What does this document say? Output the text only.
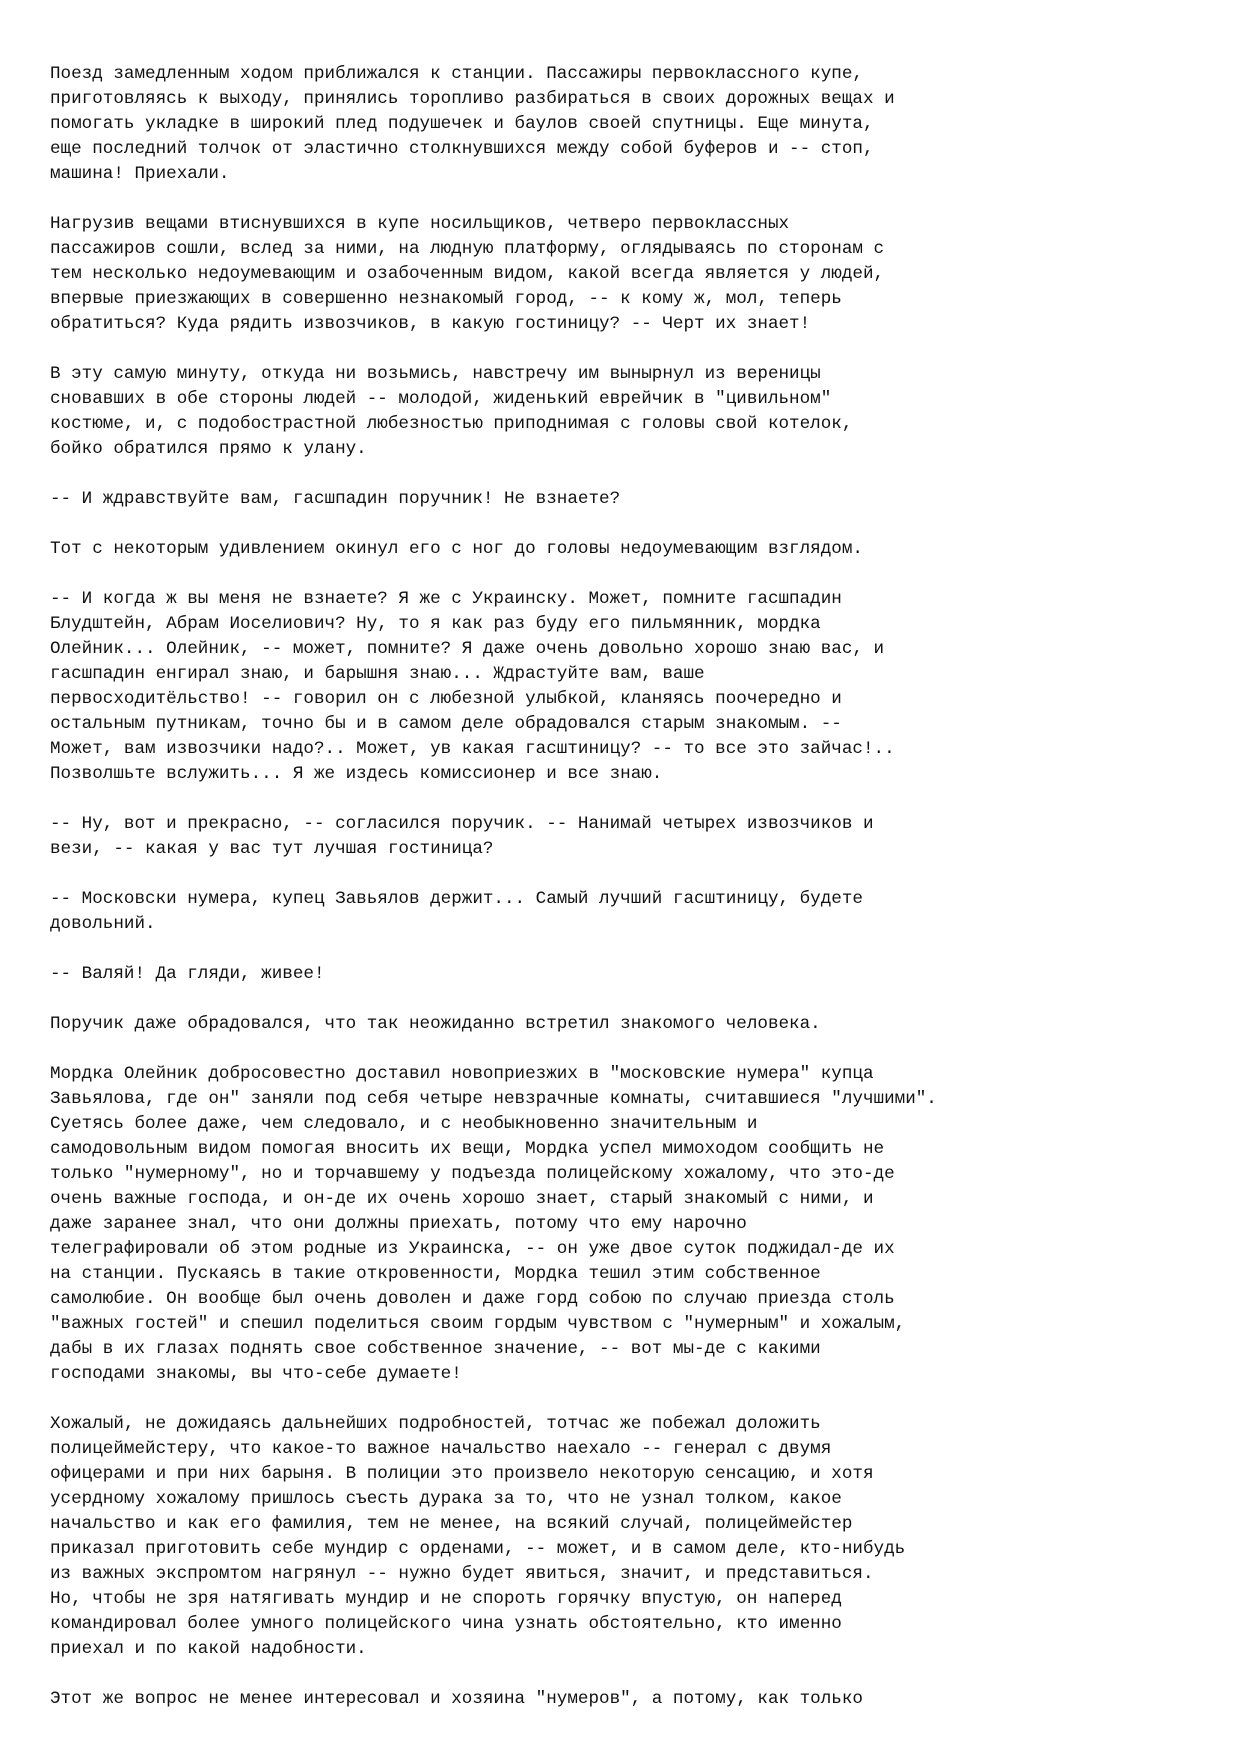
Поезд замедленным ходом приближался к станции. Пассажиры первоклассного купе,
приготовляясь к выходу, принялись торопливо разбираться в своих дорожных вещах и
помогать укладке в широкий плед подушечек и баулов своей спутницы. Еще минута,
еще последний толчок от эластично столкнувшихся между собой буферов и -- стоп,
машина! Приехали.
Нагрузив вещами втиснувшихся в купе носильщиков, четверо первоклассных
пассажиров сошли, вслед за ними, на людную платформу, оглядываясь по сторонам с
тем несколько недоумевающим и озабоченным видом, какой всегда является у людей,
впервые приезжающих в совершенно незнакомый город, -- к кому ж, мол, теперь
обратиться? Куда рядить извозчиков, в какую гостиницу? -- Черт их знает!
В эту самую минуту, откуда ни возьмись, навстречу им вынырнул из вереницы
сновавших в обе стороны людей -- молодой, жиденький еврейчик в "цивильном"
костюме, и, с подобострастной любезностью приподнимая с головы свой котелок,
бойко обратился прямо к улану.
-- И ждравствуйте вам, гасшпадин поручник! Не взнаете?
Тот с некоторым удивлением окинул его с ног до головы недоумевающим взглядом.
-- И когда ж вы меня не взнаете? Я же с Украинску. Может, помните гасшпадин
Блудштейн, Абрам Иоселиович? Ну, то я как раз буду его пильмянник, мордка
Олейник... Олейник, -- может, помните? Я даже очень довольно хорошо знаю вас, и
гасшпадин енгирал знаю, и барышня знаю... Ждрастуйте вам, ваше
первосходитёльство! -- говорил он с любезной улыбкой, кланяясь поочередно и
остальным путникам, точно бы и в самом деле обрадовался старым знакомым. --
Может, вам извозчики надо?.. Может, ув какая гасштиницу? -- то все это зайчас!..
Позволшьте вслужить... Я же издесь комиссионер и все знаю.
-- Ну, вот и прекрасно, -- согласился поручик. -- Нанимай четырех извозчиков и
вези, -- какая у вас тут лучшая гостиница?
-- Московски нумера, купец Завьялов держит... Самый лучший гасштиницу, будете
довольний.
-- Валяй! Да гляди, живее!
Поручик даже обрадовался, что так неожиданно встретил знакомого человека.
Мордка Олейник добросовестно доставил новоприезжих в "московские нумера" купца
Завьялова, где он" заняли под себя четыре невзрачные комнаты, считавшиеся "лучшими".
Суетясь более даже, чем следовало, и с необыкновенно значительным и
самодовольным видом помогая вносить их вещи, Мордка успел мимоходом сообщить не
только "нумерному", но и торчавшему у подъезда полицейскому хожалому, что это-де
очень важные господа, и он-де их очень хорошо знает, старый знакомый с ними, и
даже заранее знал, что они должны приехать, потому что ему нарочно
телеграфировали об этом родные из Украинска, -- он уже двое суток поджидал-де их
на станции. Пускаясь в такие откровенности, Мордка тешил этим собственное
самолюбие. Он вообще был очень доволен и даже горд собою по случаю приезда столь
"важных гостей" и спешил поделиться своим гордым чувством с "нумерным" и хожалым,
дабы в их глазах поднять свое собственное значение, -- вот мы-де с какими
господами знакомы, вы что-себе думаете!
Хожалый, не дожидаясь дальнейших подробностей, тотчас же побежал доложить
полицеймейстеру, что какое-то важное начальство наехало -- генерал с двумя
офицерами и при них барыня. В полиции это произвело некоторую сенсацию, и хотя
усердному хожалому пришлось съесть дурака за то, что не узнал толком, какое
начальство и как его фамилия, тем не менее, на всякий случай, полицеймейстер
приказал приготовить себе мундир с орденами, -- может, и в самом деле, кто-нибудь
из важных экспромтом нагрянул -- нужно будет явиться, значит, и представиться.
Но, чтобы не зря натягивать мундир и не спороть горячку впустую, он наперед
командировал более умного полицейского чина узнать обстоятельно, кто именно
приехал и по какой надобности.
Этот же вопрос не менее интересовал и хозяина "нумеров", а потому, как только
